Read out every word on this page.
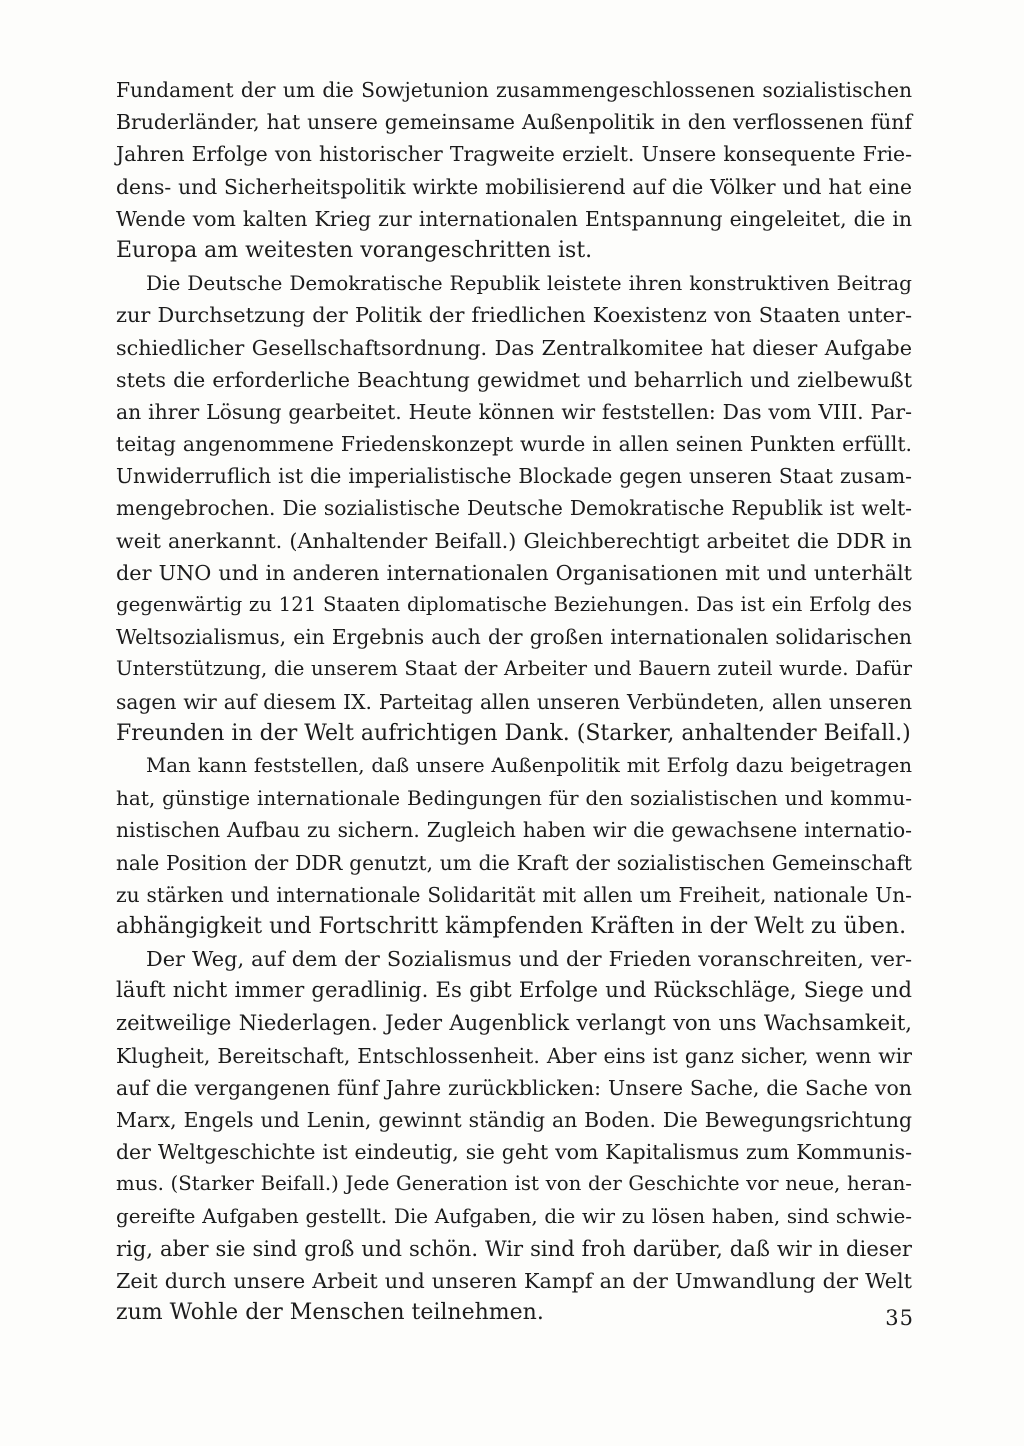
Fundament der um die Sowjetunion zusammengeschlossenen sozialistischen
Bruderländer, hat unsere gemeinsame Außenpolitik in den verflossenen fünf
Jahren Erfolge von historischer Tragweite erzielt. Unsere konsequente Frie-
dens- und Sicherheitspolitik wirkte mobilisierend auf die Völker und hat eine
Wende vom kalten Krieg zur internationalen Entspannung eingeleitet, die in
Europa am weitesten vorangeschritten ist.
Die Deutsche Demokratische Republik leistete ihren konstruktiven Beitrag
zur Durchsetzung der Politik der friedlichen Koexistenz von Staaten unter-
schiedlicher Gesellschaftsordnung. Das Zentralkomitee hat dieser Aufgabe
stets die erforderliche Beachtung gewidmet und beharrlich und zielbewußt
an ihrer Lösung gearbeitet. Heute können wir feststellen: Das vom VIII. Par-
teitag angenommene Friedenskonzept wurde in allen seinen Punkten erfüllt.
Unwiderruflich ist die imperialistische Blockade gegen unseren Staat zusam-
mengebrochen. Die sozialistische Deutsche Demokratische Republik ist welt-
weit anerkannt. (Anhaltender Beifall.) Gleichberechtigt arbeitet die DDR in
der UNO und in anderen internationalen Organisationen mit und unterhält
gegenwärtig zu 121 Staaten diplomatische Beziehungen. Das ist ein Erfolg des
Weltsozialismus, ein Ergebnis auch der großen internationalen solidarischen
Unterstützung, die unserem Staat der Arbeiter und Bauern zuteil wurde. Dafür
sagen wir auf diesem IX. Parteitag allen unseren Verbündeten, allen unseren
Freunden in der Welt aufrichtigen Dank. (Starker, anhaltender Beifall.)
Man kann feststellen, daß unsere Außenpolitik mit Erfolg dazu beigetragen
hat, günstige internationale Bedingungen für den sozialistischen und kommu-
nistischen Aufbau zu sichern. Zugleich haben wir die gewachsene internatio-
nale Position der DDR genutzt, um die Kraft der sozialistischen Gemeinschaft
zu stärken und internationale Solidarität mit allen um Freiheit, nationale Un-
abhängigkeit und Fortschritt kämpfenden Kräften in der Welt zu üben.
Der Weg, auf dem der Sozialismus und der Frieden voranschreiten, ver-
läuft nicht immer geradlinig. Es gibt Erfolge und Rückschläge, Siege und
zeitweilige Niederlagen. Jeder Augenblick verlangt von uns Wachsamkeit,
Klugheit, Bereitschaft, Entschlossenheit. Aber eins ist ganz sicher, wenn wir
auf die vergangenen fünf Jahre zurückblicken: Unsere Sache, die Sache von
Marx, Engels und Lenin, gewinnt ständig an Boden. Die Bewegungsrichtung
der Weltgeschichte ist eindeutig, sie geht vom Kapitalismus zum Kommunis-
mus. (Starker Beifall.) Jede Generation ist von der Geschichte vor neue, heran-
gereifte Aufgaben gestellt. Die Aufgaben, die wir zu lösen haben, sind schwie-
rig, aber sie sind groß und schön. Wir sind froh darüber, daß wir in dieser
Zeit durch unsere Arbeit und unseren Kampf an der Umwandlung der Welt
zum Wohle der Menschen teilnehmen.	35
